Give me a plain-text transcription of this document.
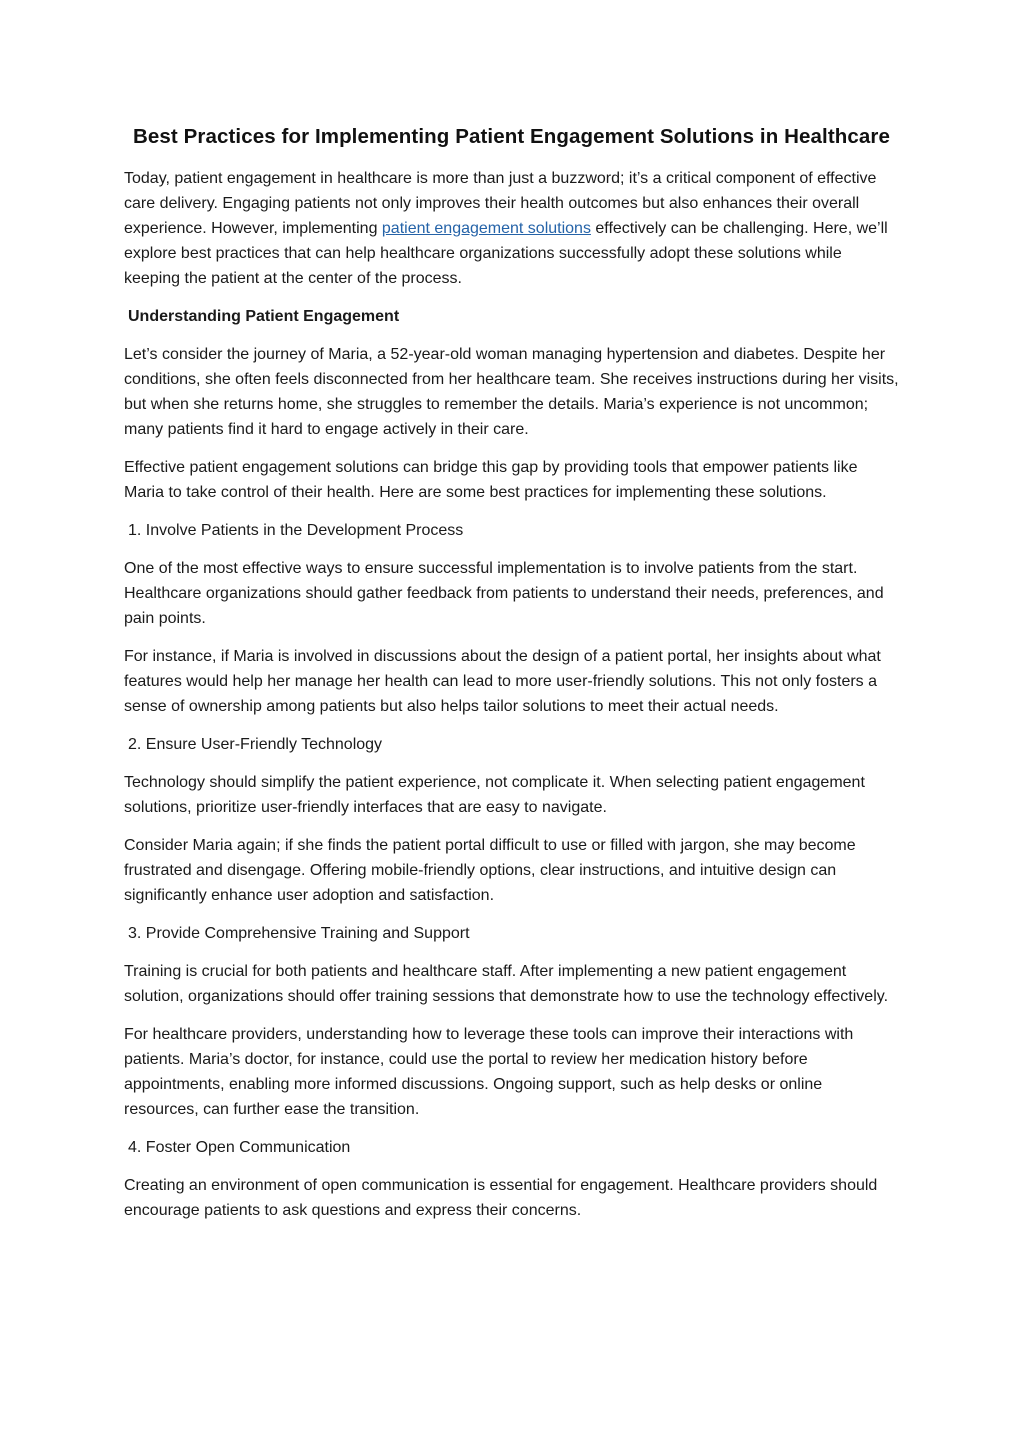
Best Practices for Implementing Patient Engagement Solutions in Healthcare

Today, patient engagement in healthcare is more than just a buzzword; it’s a critical component of effective care delivery. Engaging patients not only improves their health outcomes but also enhances their overall experience. However, implementing patient engagement solutions effectively can be challenging. Here, we’ll explore best practices that can help healthcare organizations successfully adopt these solutions while keeping the patient at the center of the process.

Understanding Patient Engagement

Let’s consider the journey of Maria, a 52-year-old woman managing hypertension and diabetes. Despite her conditions, she often feels disconnected from her healthcare team. She receives instructions during her visits, but when she returns home, she struggles to remember the details. Maria’s experience is not uncommon; many patients find it hard to engage actively in their care.

Effective patient engagement solutions can bridge this gap by providing tools that empower patients like Maria to take control of their health. Here are some best practices for implementing these solutions.

1. Involve Patients in the Development Process

One of the most effective ways to ensure successful implementation is to involve patients from the start. Healthcare organizations should gather feedback from patients to understand their needs, preferences, and pain points.

For instance, if Maria is involved in discussions about the design of a patient portal, her insights about what features would help her manage her health can lead to more user-friendly solutions. This not only fosters a sense of ownership among patients but also helps tailor solutions to meet their actual needs.

2. Ensure User-Friendly Technology

Technology should simplify the patient experience, not complicate it. When selecting patient engagement solutions, prioritize user-friendly interfaces that are easy to navigate.

Consider Maria again; if she finds the patient portal difficult to use or filled with jargon, she may become frustrated and disengage. Offering mobile-friendly options, clear instructions, and intuitive design can significantly enhance user adoption and satisfaction.

3. Provide Comprehensive Training and Support

Training is crucial for both patients and healthcare staff. After implementing a new patient engagement solution, organizations should offer training sessions that demonstrate how to use the technology effectively.

For healthcare providers, understanding how to leverage these tools can improve their interactions with patients. Maria’s doctor, for instance, could use the portal to review her medication history before appointments, enabling more informed discussions. Ongoing support, such as help desks or online resources, can further ease the transition.

4. Foster Open Communication

Creating an environment of open communication is essential for engagement. Healthcare providers should encourage patients to ask questions and express their concerns.
